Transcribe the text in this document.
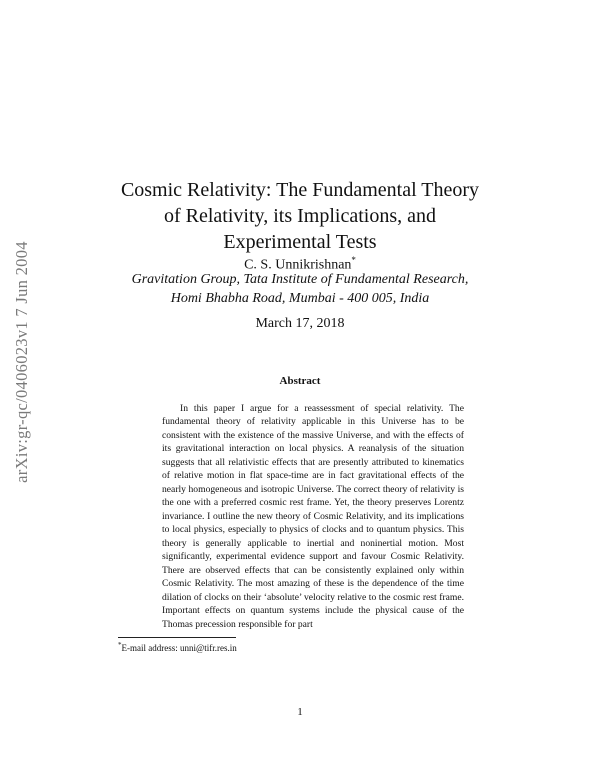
arXiv:gr-qc/0406023v1 7 Jun 2004
Cosmic Relativity: The Fundamental Theory
of Relativity, its Implications, and
Experimental Tests
C. S. Unnikrishnan*
Gravitation Group, Tata Institute of Fundamental Research,
Homi Bhabha Road, Mumbai - 400 005, India
March 17, 2018
Abstract

In this paper I argue for a reassessment of special relativity. The fundamental theory of relativity applicable in this Universe has to be consistent with the existence of the massive Universe, and with the effects of its gravitational interaction on local physics. A reanalysis of the situation suggests that all relativistic effects that are presently attributed to kinematics of relative motion in flat space-time are in fact gravitational effects of the nearly homogeneous and isotropic Universe. The correct theory of relativity is the one with a preferred cosmic rest frame. Yet, the theory preserves Lorentz invariance. I outline the new theory of Cosmic Relativity, and its implications to local physics, especially to physics of clocks and to quantum physics. This theory is generally applicable to inertial and noninertial motion. Most significantly, experimental evidence support and favour Cosmic Relativity. There are observed effects that can be consistently explained only within Cosmic Relativity. The most amazing of these is the dependence of the time dilation of clocks on their ‘absolute’ velocity relative to the cosmic rest frame. Important effects on quantum systems include the physical cause of the Thomas precession responsible for part

*E-mail address: unni@tifr.res.in
1
